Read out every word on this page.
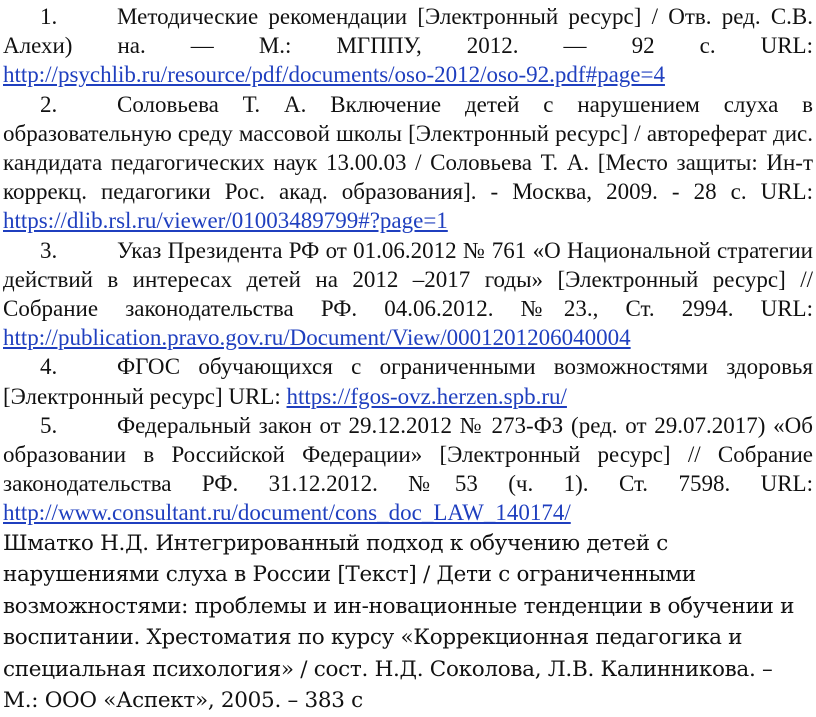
1.	Методические рекомендации [Электронный ресурс] / Отв. ред. С.В. Алехи) на. — М.: МГППУ, 2012. — 92 с. URL: http://psychlib.ru/resource/pdf/documents/oso-2012/oso-92.pdf#page=4

2.	Соловьева Т. А. Включение детей с нарушением слуха в образовательную среду массовой школы [Электронный ресурс] / автореферат дис. кандидата педагогических наук 13.00.03 / Соловьева Т. А. [Место защиты: Ин-т коррекц. педагогики Рос. акад. образования]. - Москва, 2009. - 28 с. URL: https://dlib.rsl.ru/viewer/01003489799#?page=1

3.	Указ Президента РФ от 01.06.2012 № 761 «О Национальной стратегии действий в интересах детей на 2012 –2017 годы» [Электронный ресурс] // Собрание законодательства РФ. 04.06.2012. №23., Ст. 2994. URL: http://publication.pravo.gov.ru/Document/View/0001201206040004

4.	ФГОС обучающихся с ограниченными возможностями здоровья [Электронный ресурс] URL: https://fgos-ovz.herzen.spb.ru/

5.	Федеральный закон от 29.12.2012 № 273-ФЗ (ред. от 29.07.2017) «Об образовании в Российской Федерации» [Электронный ресурс] // Собрание законодательства РФ. 31.12.2012. №53 (ч. 1). Ст. 7598. URL: http://www.consultant.ru/document/cons_doc_LAW_140174/

Шматко Н.Д. Интегрированный подход к обучению детей с нарушениями слуха в России [Текст] / Дети с ограниченными возможностями: проблемы и ин-новационные тенденции в обучении и воспитании. Хрестоматия по курсу «Коррекционная педагогика и специальная психология» / сост. Н.Д. Соколова, Л.В. Калинникова. – М.: ООО «Аспект», 2005. – 383 с
